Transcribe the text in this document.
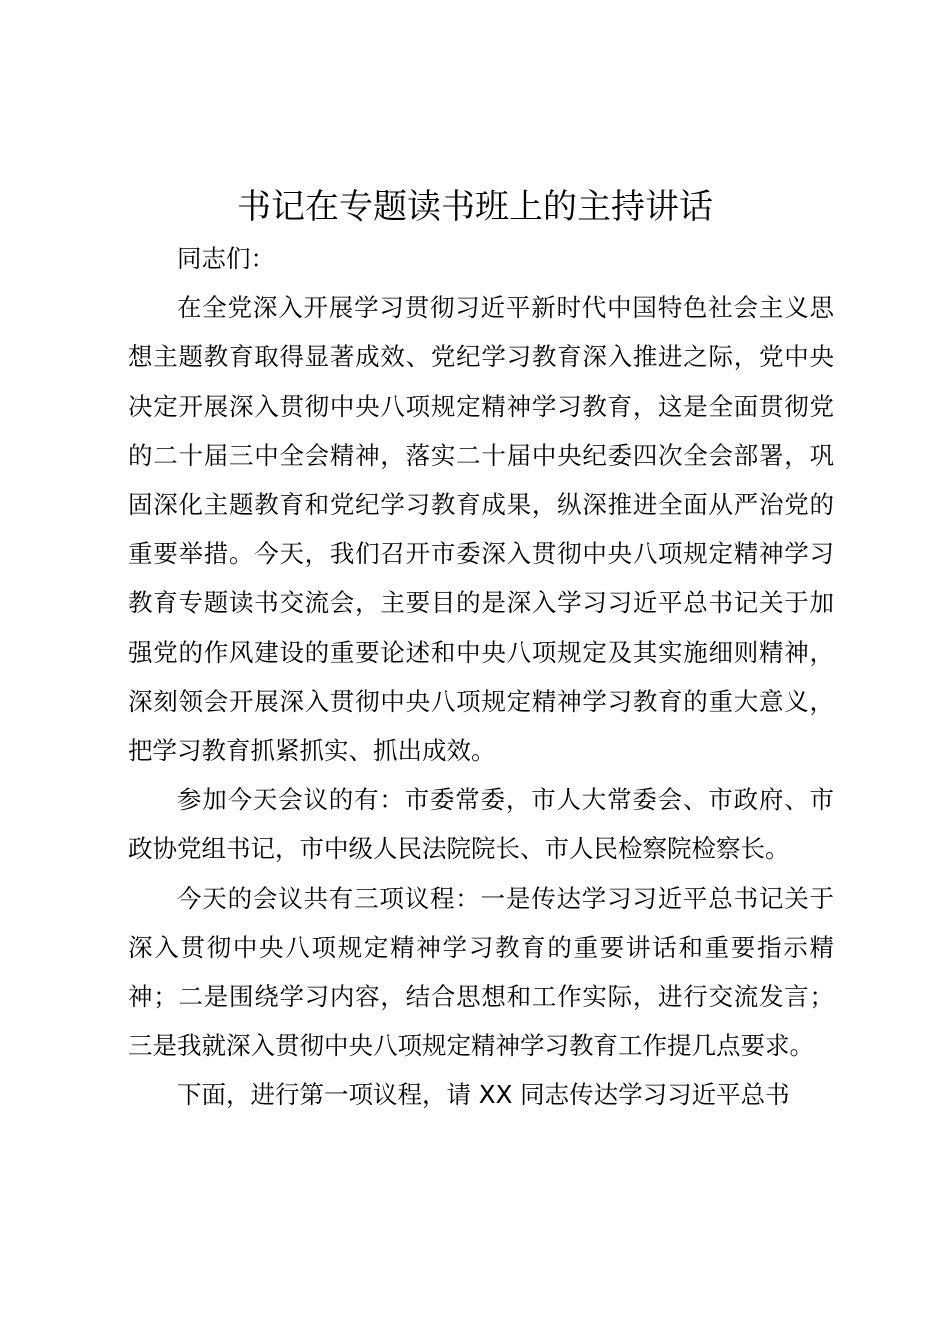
书记在专题读书班上的主持讲话

同志们：

在全党深入开展学习贯彻习近平新时代中国特色社会主义思想主题教育取得显著成效、党纪学习教育深入推进之际，党中央决定开展深入贯彻中央八项规定精神学习教育，这是全面贯彻党的二十届三中全会精神，落实二十届中央纪委四次全会部署，巩固深化主题教育和党纪学习教育成果，纵深推进全面从严治党的重要举措。今天，我们召开市委深入贯彻中央八项规定精神学习教育专题读书交流会，主要目的是深入学习习近平总书记关于加强党的作风建设的重要论述和中央八项规定及其实施细则精神，深刻领会开展深入贯彻中央八项规定精神学习教育的重大意义，把学习教育抓紧抓实、抓出成效。

参加今天会议的有：市委常委，市人大常委会、市政府、市政协党组书记，市中级人民法院院长、市人民检察院检察长。

今天的会议共有三项议程：一是传达学习习近平总书记关于深入贯彻中央八项规定精神学习教育的重要讲话和重要指示精神；二是围绕学习内容，结合思想和工作实际，进行交流发言；三是我就深入贯彻中央八项规定精神学习教育工作提几点要求。

下面，进行第一项议程，请 XX 同志传达学习习近平总书
